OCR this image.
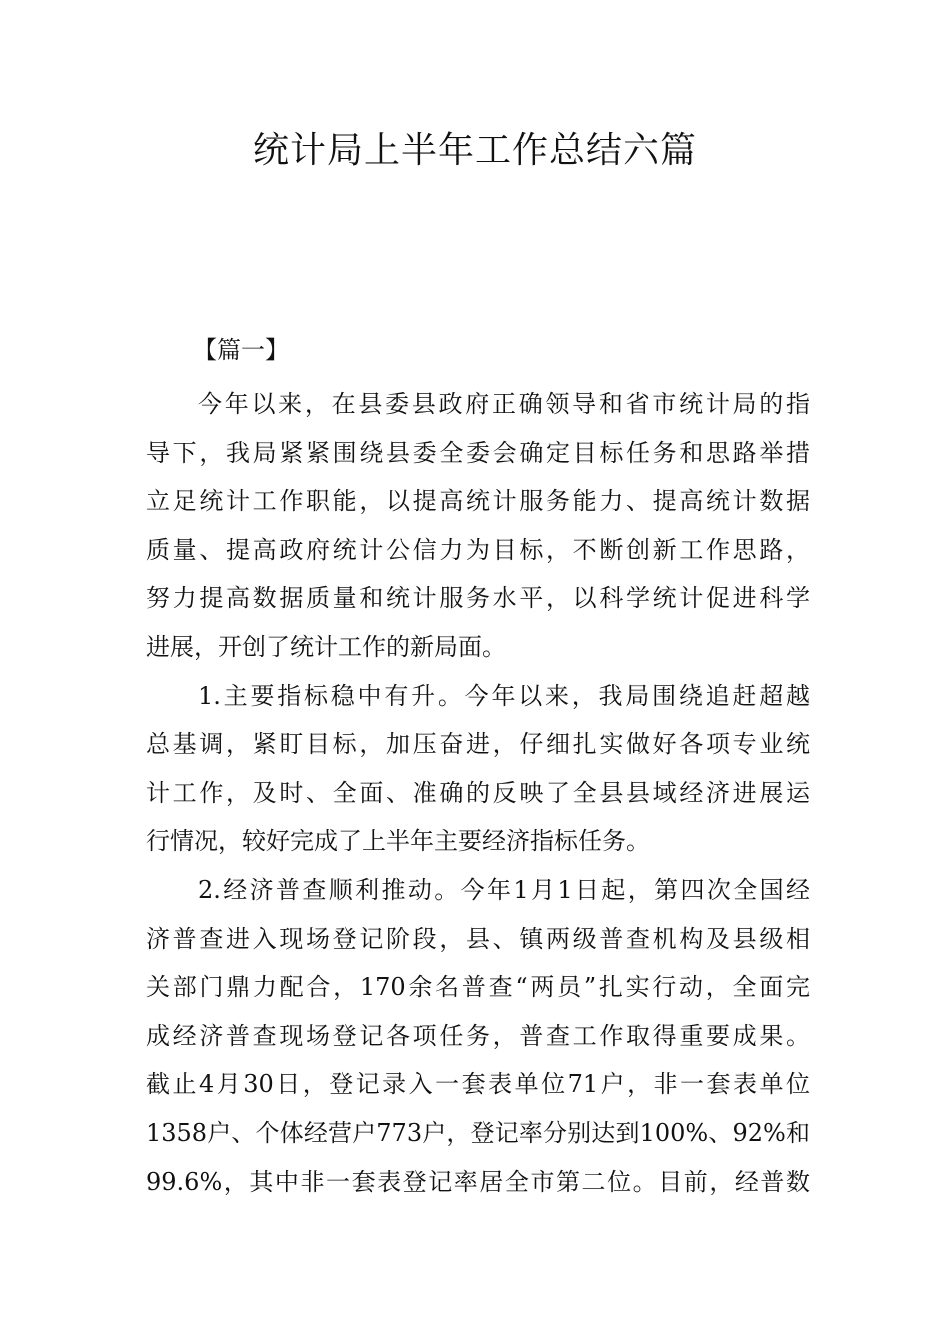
统计局上半年工作总结六篇
【篇一】
今年以来，在县委县政府正确领导和省市统计局的指
导下，我局紧紧围绕县委全委会确定目标任务和思路举措
立足统计工作职能，以提高统计服务能力、提高统计数据
质量、提高政府统计公信力为目标，不断创新工作思路，
努力提高数据质量和统计服务水平，以科学统计促进科学
进展，开创了统计工作的新局面。
1.主要指标稳中有升。今年以来，我局围绕追赶超越
总基调，紧盯目标，加压奋进，仔细扎实做好各项专业统
计工作，及时、全面、准确的反映了全县县域经济进展运
行情况，较好完成了上半年主要经济指标任务。
2.经济普查顺利推动。今年1月1日起，第四次全国经
济普查进入现场登记阶段，县、镇两级普查机构及县级相
关部门鼎力配合，170余名普查“两员”扎实行动，全面完
成经济普查现场登记各项任务，普查工作取得重要成果。
截止4月30日，登记录入一套表单位71户，非一套表单位
1358户、个体经营户773户，登记率分别达到100%、92%和
99.6%，其中非一套表登记率居全市第二位。目前，经普数
